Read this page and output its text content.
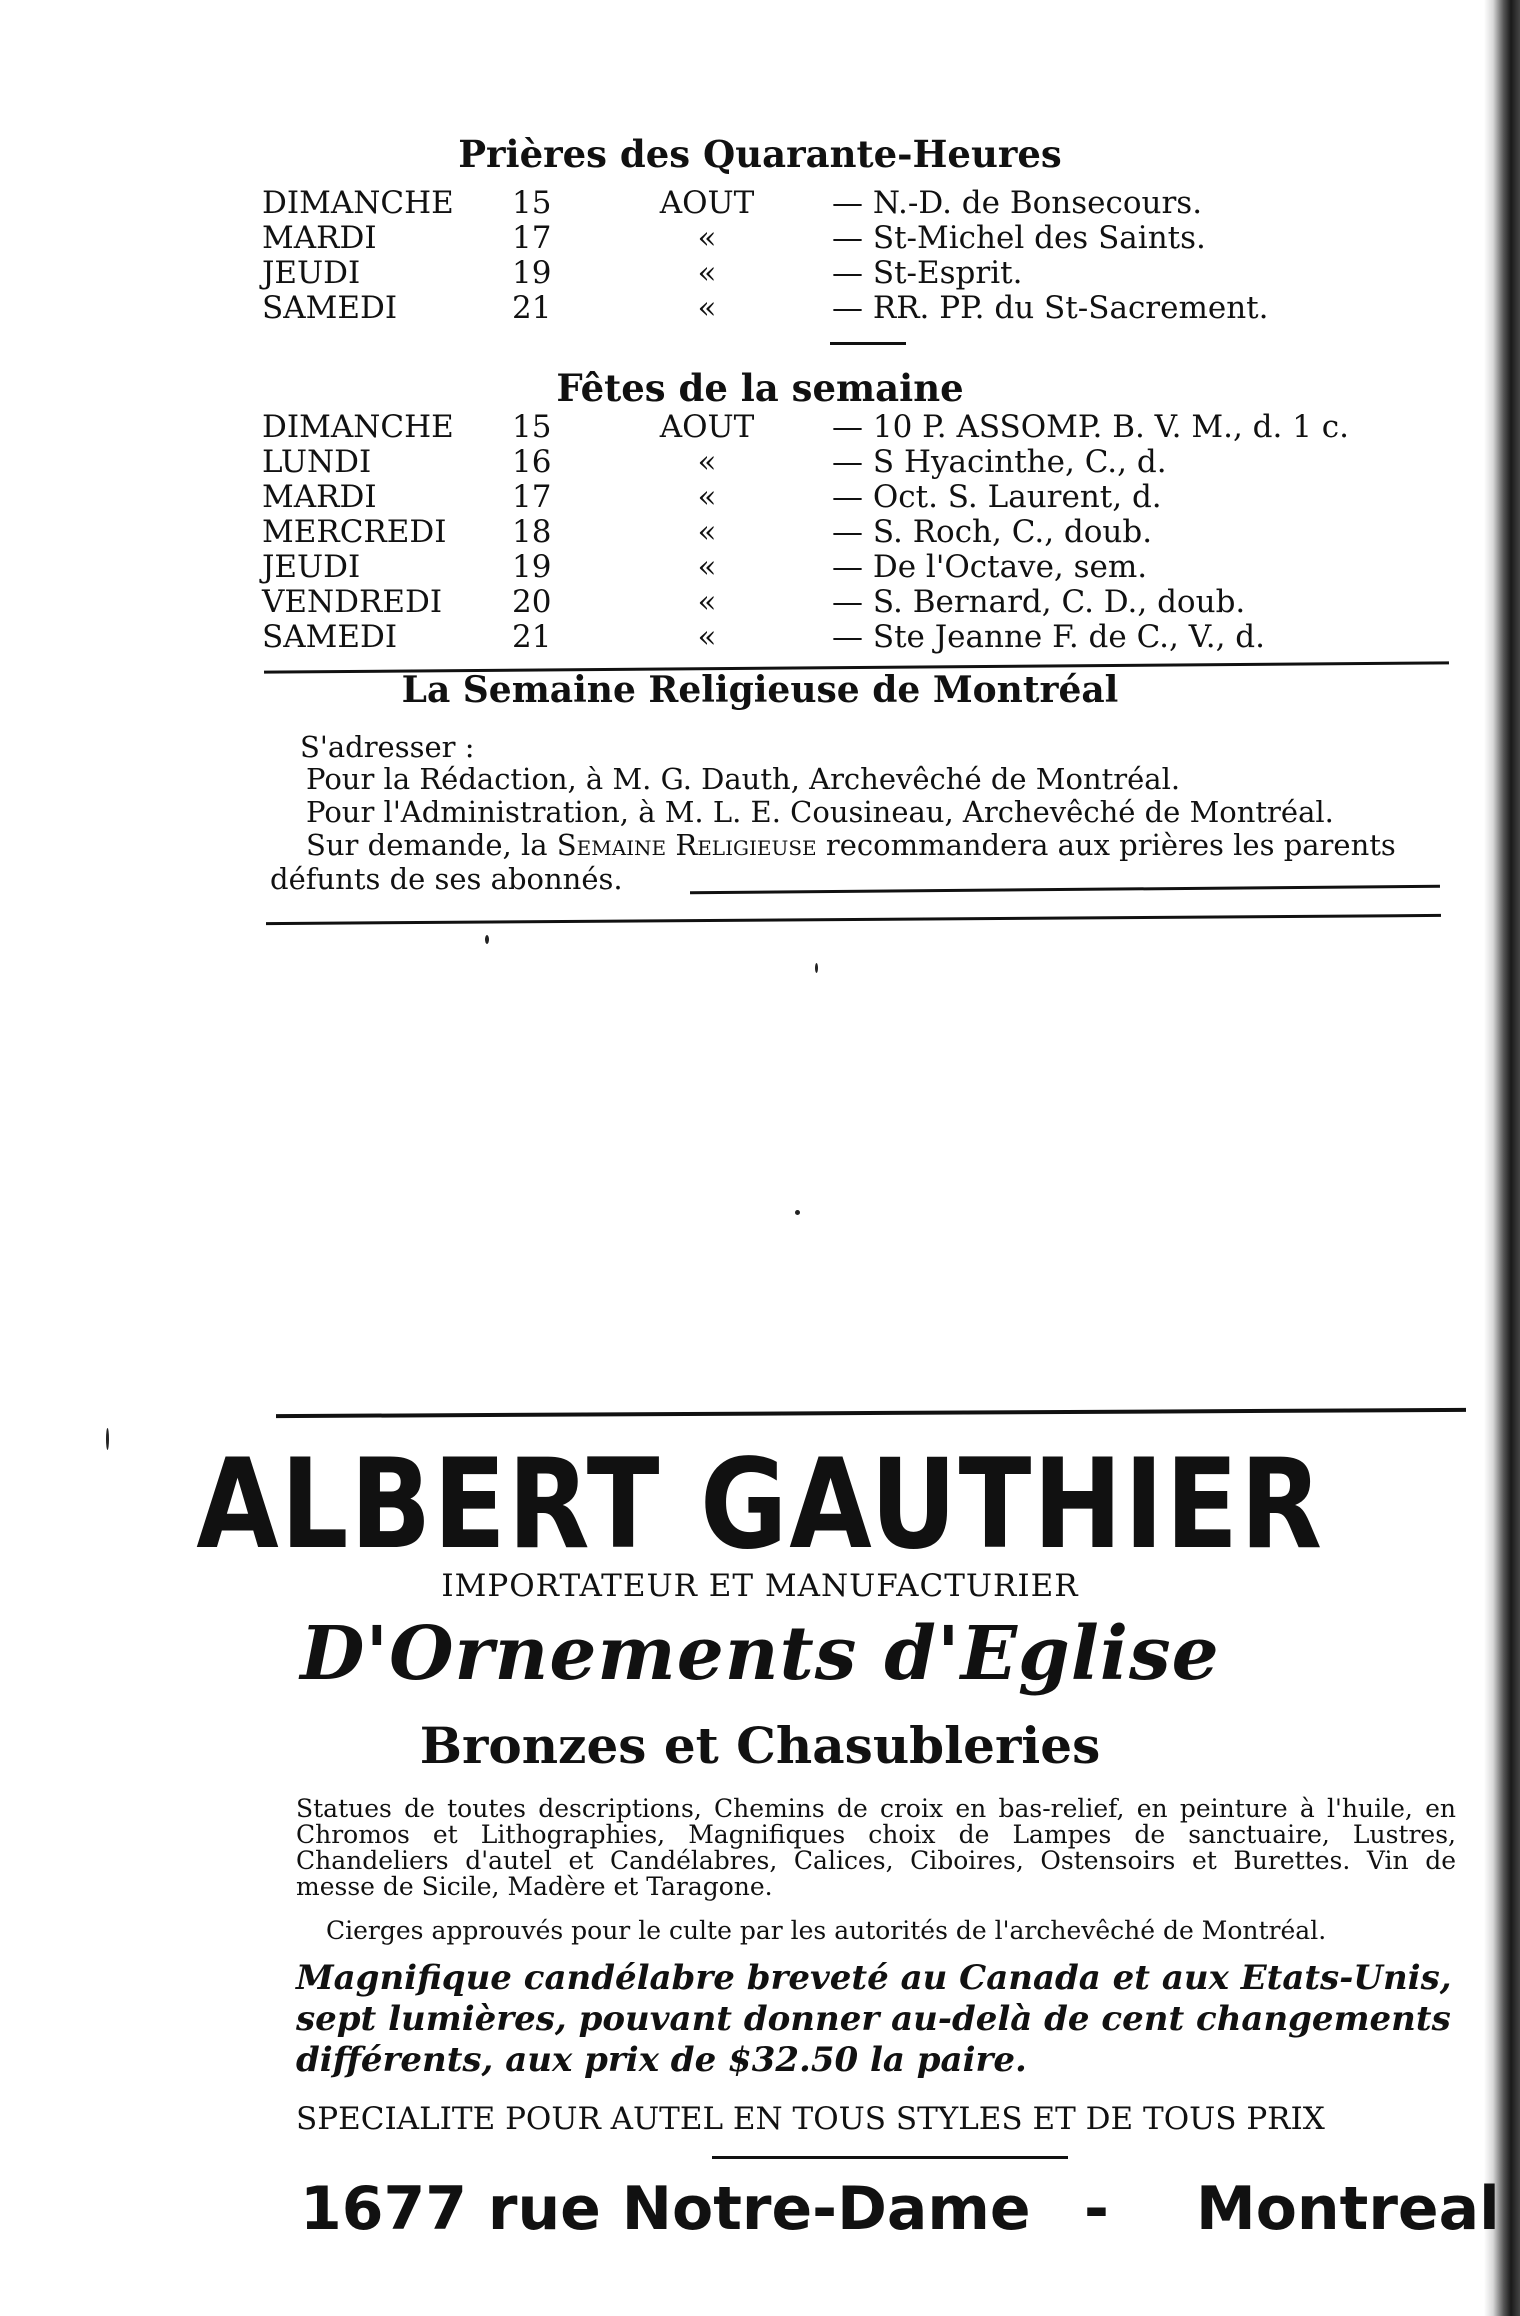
Prières des Quarante-Heures
DIMANCHE 15	AOUT	— N.-D. de Bonsecours.
MARDI	17	«	— St-Michel des Saints.
JEUDI	19	«	— St-Esprit.
SAMEDI	21	«	— RR. PP. du St-Sacrement.
Fêtes de la semaine
DIMANCHE 15	AOUT	— 10 P. ASSOMP. B. V. M., d. 1 c.
LUNDI	16	«	— S Hyacinthe, C., d.
MARDI	17	«	— Oct. S. Laurent, d.
MERCREDI 18	«	— S. Roch, C., doub.
JEUDI	19	«	— De l'Octave, sem.
VENDREDI 20	«	— S. Bernard, C. D., doub.
SAMEDI	21	«	— Ste Jeanne F. de C., V., d.
La Semaine Religieuse de Montréal
S'adresser :
Pour la Rédaction, à M. G. Dauth, Archevêché de Montréal.
Pour l'Administration, à M. L. E. Cousineau, Archevêché de Montréal.
Sur demande, la Semaine Religieuse recommandera aux prières les parents
défunts de ses abonnés.
ALBERT GAUTHIER
IMPORTATEUR ET MANUFACTURIER
D'Ornements d'Eglise
Bronzes et Chasubleries
Statues de toutes descriptions, Chemins de croix en bas-relief, en peinture à l'huile, en Chromos et Lithographies, Magnifiques choix de Lampes de sanctuaire, Lustres, Chandeliers d'autel et Candélabres, Calices, Ciboires, Ostensoirs et Burettes. Vin de messe de Sicile, Madère et Taragone.
Cierges approuvés pour le culte par les autorités de l'archevêché de Montréal.
Magnifique candélabre breveté au Canada et aux Etats-Unis, sept lumières, pouvant donner au-delà de cent changements différents, aux prix de $32.50 la paire.
SPECIALITE POUR AUTEL EN TOUS STYLES ET DE TOUS PRIX
1677 rue Notre-Dame - Montreal
